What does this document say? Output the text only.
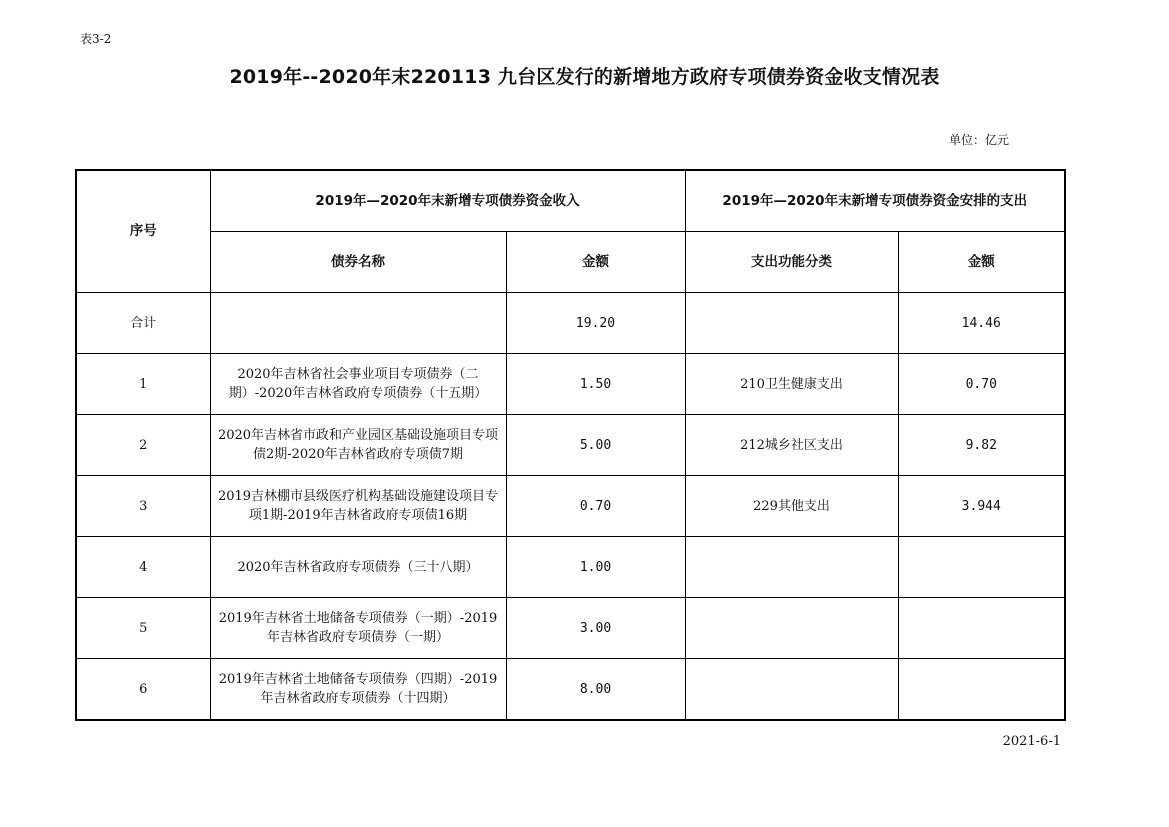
表3-2
2019年--2020年末220113 九台区发行的新增地方政府专项债券资金收支情况表
单位：亿元
序号	2019年—2020年末新增专项债券资金收入		2019年—2020年末新增专项债券资金安排的支出	
	债券名称	金额	支出功能分类	金额
合计		19.20		14.46
1	2020年吉林省社会事业项目专项债券（二期）-2020年吉林省政府专项债券（十五期）	1.50	210卫生健康支出	0.70
2	2020年吉林省市政和产业园区基础设施项目专项债2期-2020年吉林省政府专项债7期	5.00	212城乡社区支出	9.82
3	2019吉林棚市县级医疗机构基础设施建设项目专项1期-2019年吉林省政府专项债16期	0.70	229其他支出	3.944
4	2020年吉林省政府专项债券（三十八期）	1.00		
5	2019年吉林省土地储备专项债券（一期）-2019年吉林省政府专项债券（一期）	3.00		
6	2019年吉林省土地储备专项债券（四期）-2019年吉林省政府专项债券（十四期）	8.00		
2021-6-1
